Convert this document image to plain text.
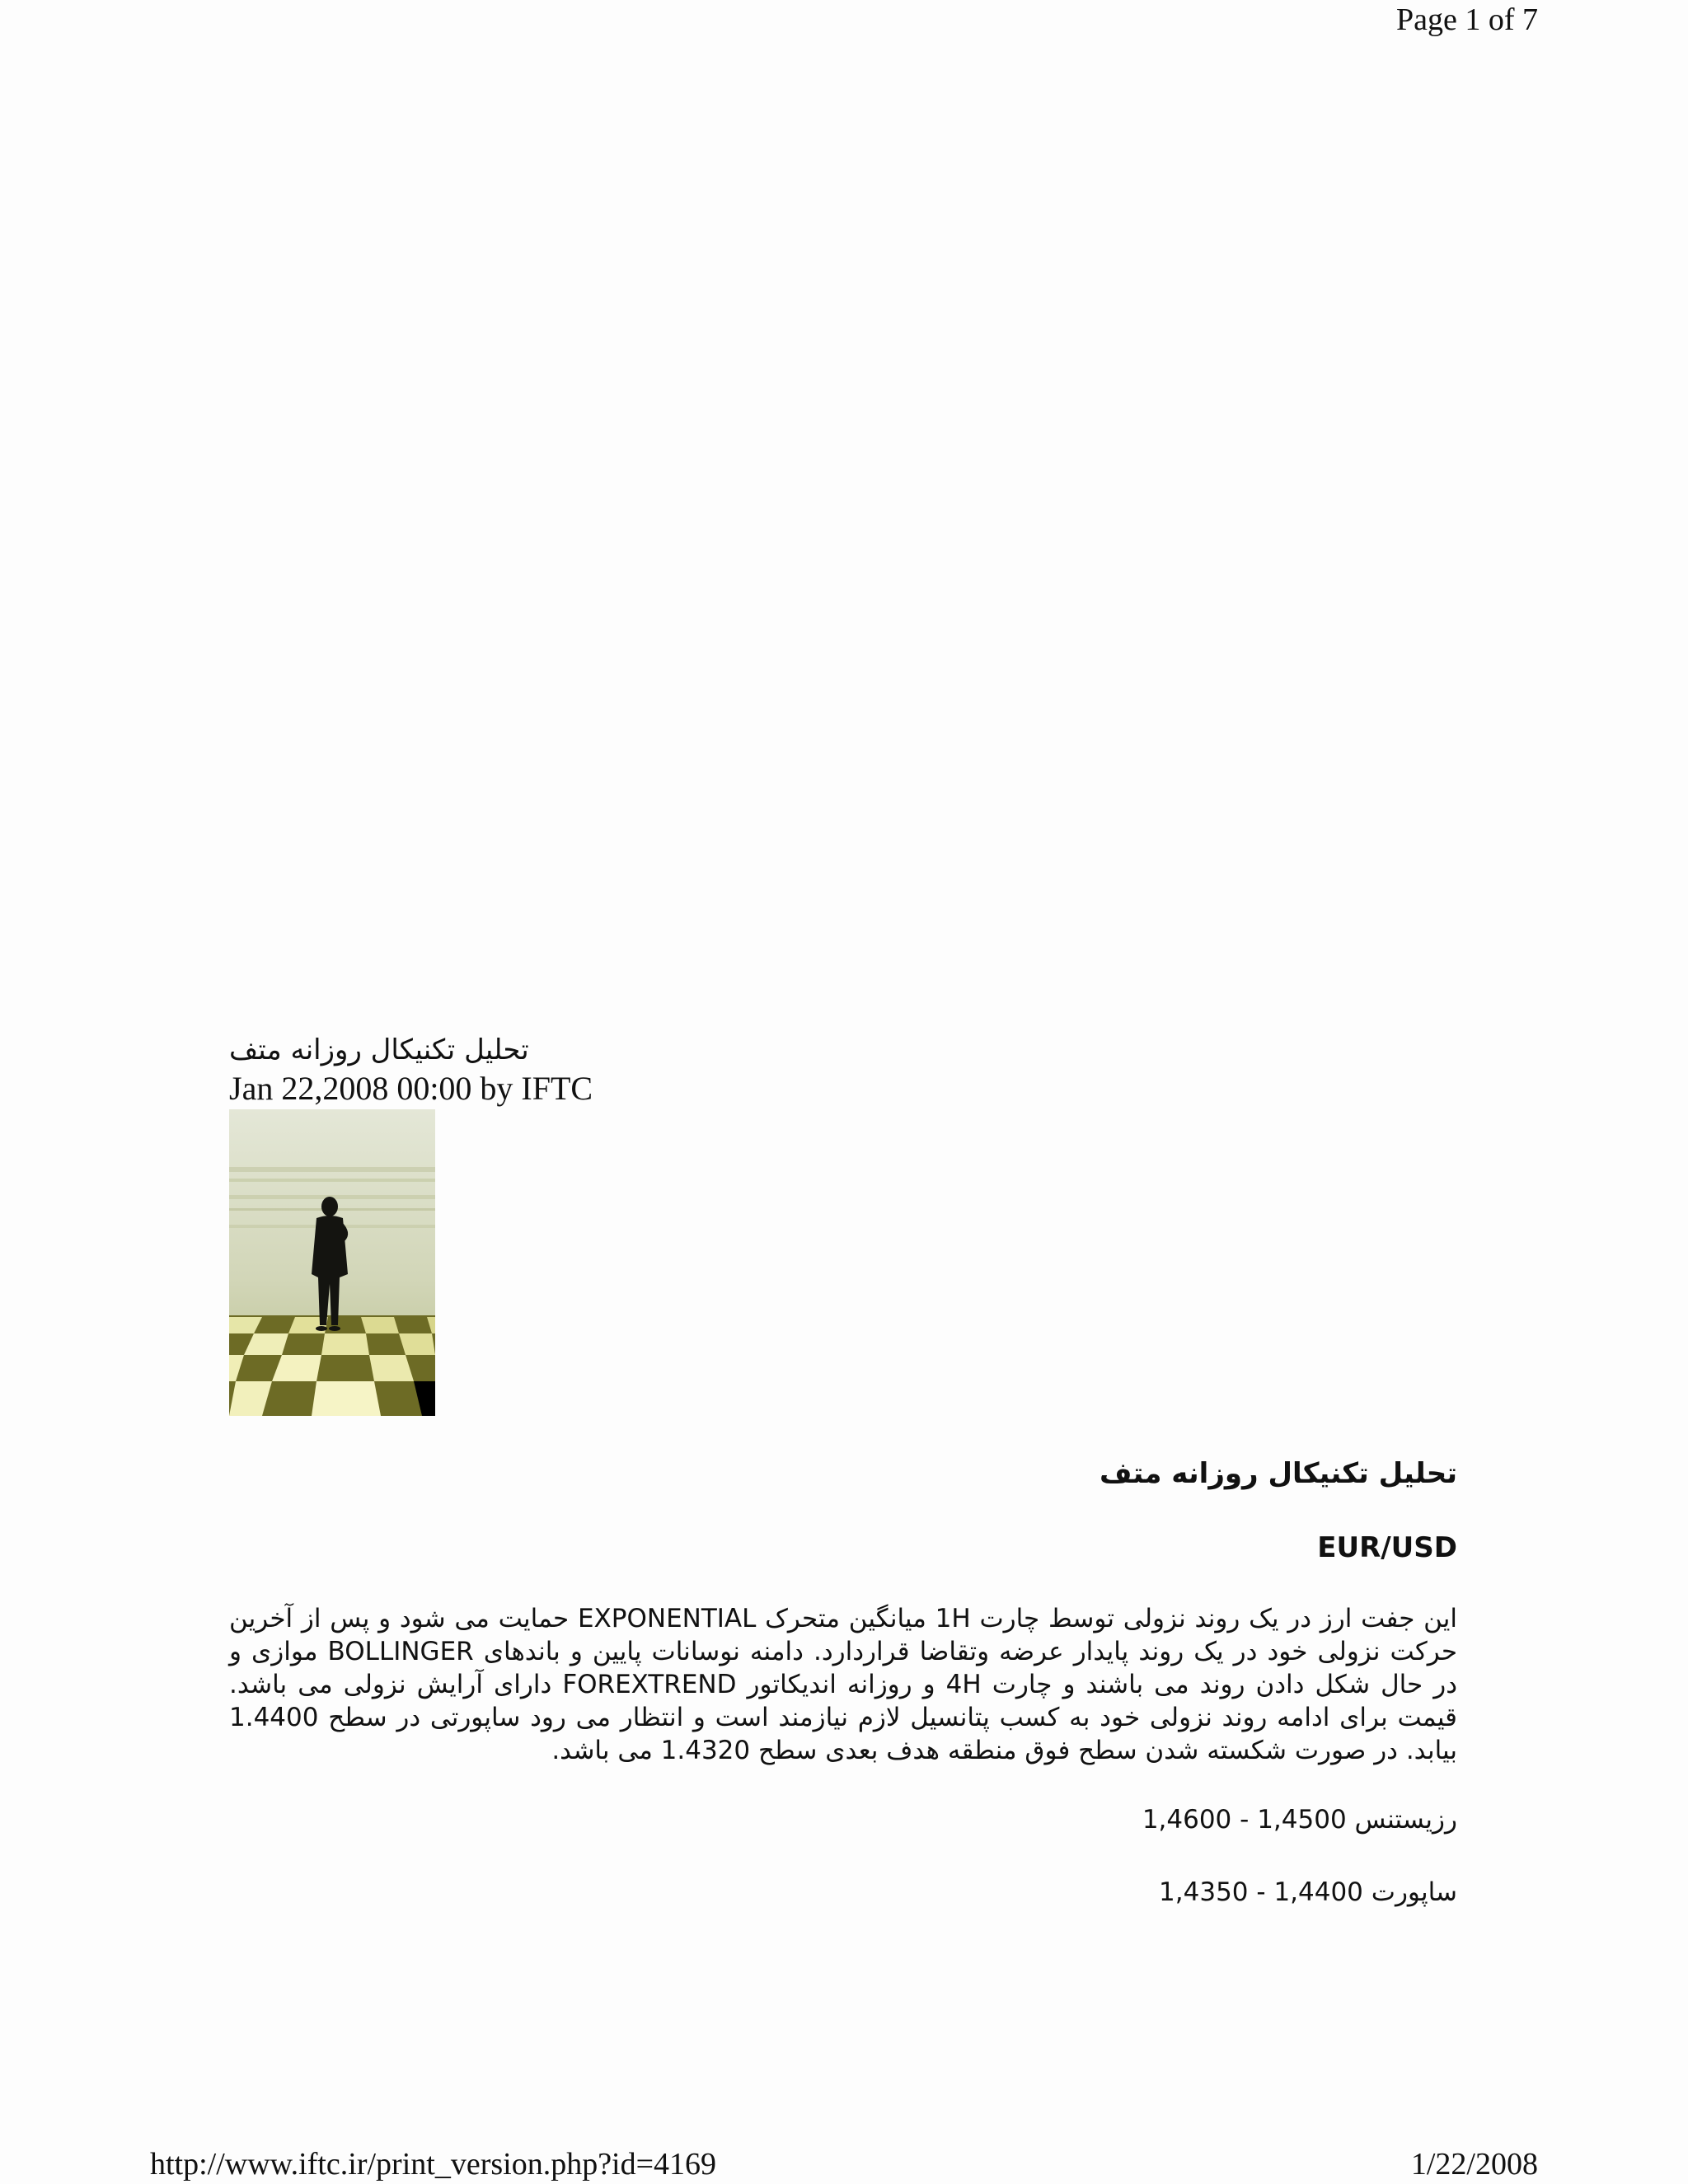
Page 1 of 7
تحلیل تکنیکال روزانه متف
Jan 22,2008 00:00 by IFTC

تحلیل تکنیکال روزانه متف

EUR/USD

این جفت ارز در یک روند نزولی توسط چارت 1H میانگین متحرک EXPONENTIAL حمایت می شود و پس از آخرین حرکت نزولی خود در یک روند پایدار عرضه وتقاضا قراردارد. دامنه نوسانات پایین و باندهای BOLLINGER موازی و در حال شکل دادن روند می باشند و چارت 4H و روزانه اندیکاتور FOREXTREND دارای آرایش نزولی می باشد. قیمت برای ادامه روند نزولی خود به کسب پتانسیل لازم نیازمند است و انتظار می رود ساپورتی در سطح 1.4400 بیابد. در صورت شکسته شدن سطح فوق منطقه هدف بعدی سطح 1.4320 می باشد.

رزیستنس 1,4500 - 1,4600

ساپورت 1,4400 - 1,4350

http://www.iftc.ir/print_version.php?id=4169	1/22/2008
